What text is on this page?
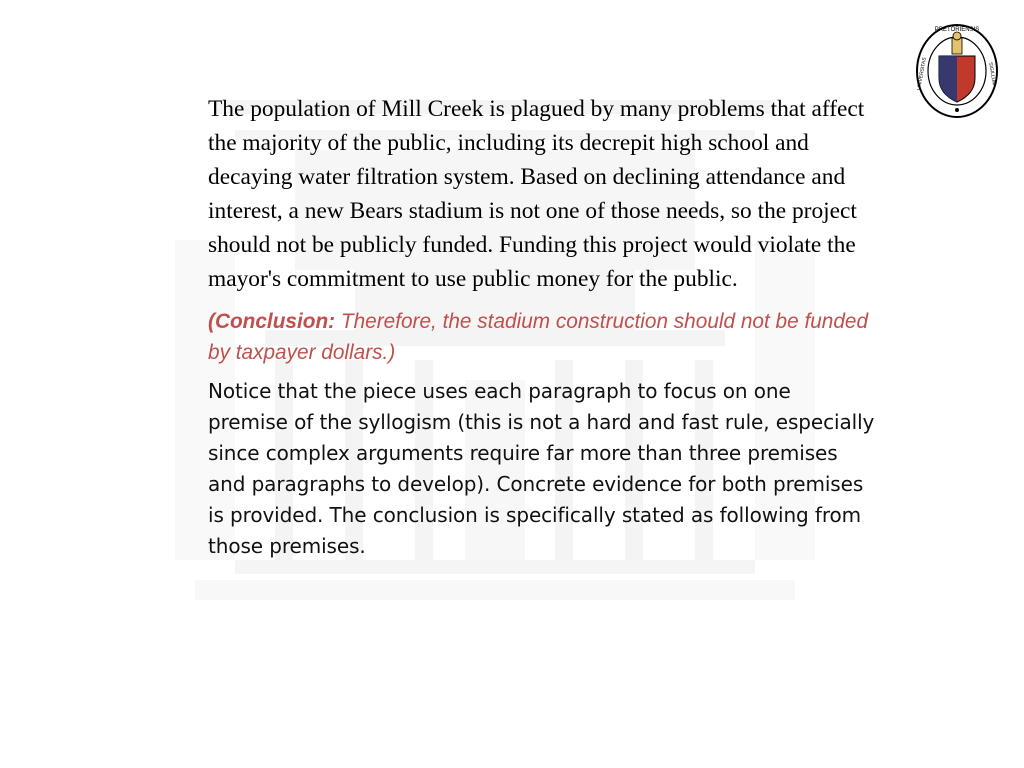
PRETORIENSIS
UNIVERSITAS	SIGILLUM

The population of Mill Creek is plagued by many problems that affect the majority of the public, including its decrepit high school and decaying water filtration system. Based on declining attendance and interest, a new Bears stadium is not one of those needs, so the project should not be publicly funded. Funding this project would violate the mayor's commitment to use public money for the public.

(Conclusion: Therefore, the stadium construction should not be funded by taxpayer dollars.)

Notice that the piece uses each paragraph to focus on one premise of the syllogism (this is not a hard and fast rule, especially since complex arguments require far more than three premises and paragraphs to develop). Concrete evidence for both premises is provided. The conclusion is specifically stated as following from those premises.
